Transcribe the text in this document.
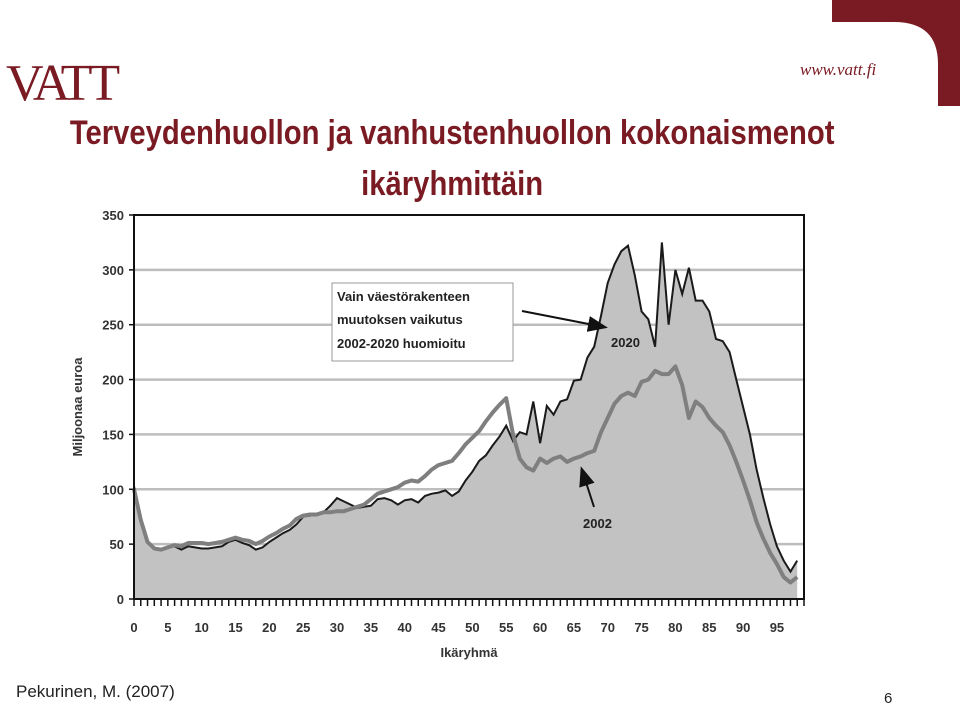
VATT	www.vatt.fi
Terveydenhuollon ja vanhustenhuollon kokonaismenot
ikäryhmittäin
0 5 10 15 20 25 30 35 40 45 50 55 60 65 70 75 80 85 90 95
0
50
100
150
200
250
300
350
Ikäryhmä
Miljoonaa euroa
Vain väestörakenteen
muutoksen vaikutus
2002-2020 huomioitu	2020
2002
Pekurinen, M. (2007)	6
